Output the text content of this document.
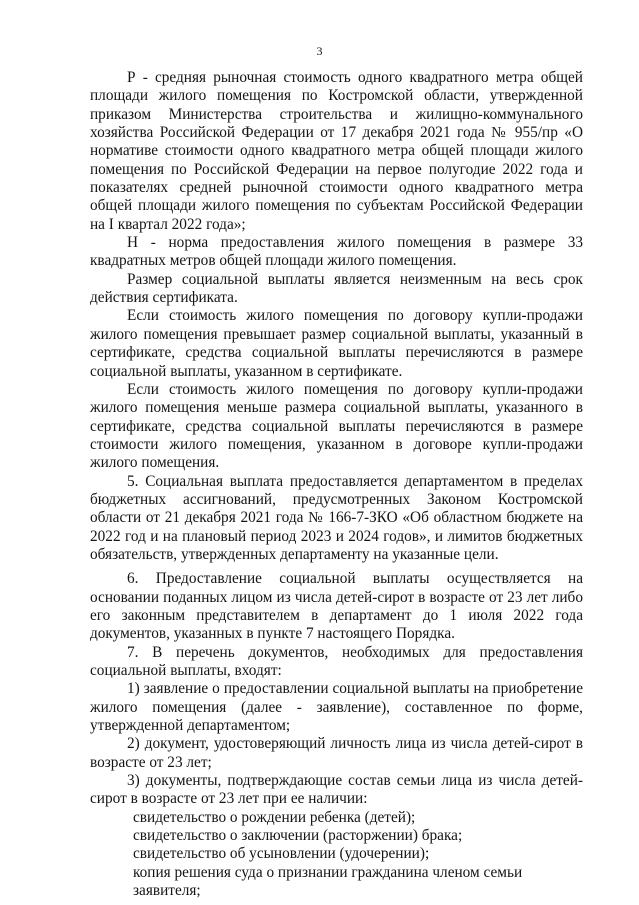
3

Р - средняя рыночная стоимость одного квадратного метра общей площади жилого помещения по Костромской области, утвержденной приказом Министерства строительства и жилищно-коммунального хозяйства Российской Федерации от 17 декабря 2021 года № 955/пр «О нормативе стоимости одного квадратного метра общей площади жилого помещения по Российской Федерации на первое полугодие 2022 года и показателях средней рыночной стоимости одного квадратного метра общей площади жилого помещения по субъектам Российской Федерации на I квартал 2022 года»;

Н - норма предоставления жилого помещения в размере 33 квадратных метров общей площади жилого помещения.

Размер социальной выплаты является неизменным на весь срок действия сертификата.

Если стоимость жилого помещения по договору купли-продажи жилого помещения превышает размер социальной выплаты, указанный в сертификате, средства социальной выплаты перечисляются в размере социальной выплаты, указанном в сертификате.

Если стоимость жилого помещения по договору купли-продажи жилого помещения меньше размера социальной выплаты, указанного в сертификате, средства социальной выплаты перечисляются в размере стоимости жилого помещения, указанном в договоре купли-продажи жилого помещения.

5. Социальная выплата предоставляется департаментом в пределах бюджетных ассигнований, предусмотренных Законом Костромской области от 21 декабря 2021 года № 166-7-ЗКО «Об областном бюджете на 2022 год и на плановый период 2023 и 2024 годов», и лимитов бюджетных обязательств, утвержденных департаменту на указанные цели.

6. Предоставление социальной выплаты осуществляется на основании поданных лицом из числа детей-сирот в возрасте от 23 лет либо его законным представителем в департамент до 1 июля 2022 года документов, указанных в пункте 7 настоящего Порядка.

7. В перечень документов, необходимых для предоставления социальной выплаты, входят:

1) заявление о предоставлении социальной выплаты на приобретение жилого помещения (далее - заявление), составленное по форме, утвержденной департаментом;

2) документ, удостоверяющий личность лица из числа детей-сирот в возрасте от 23 лет;

3) документы, подтверждающие состав семьи лица из числа детей-сирот в возрасте от 23 лет при ее наличии:

свидетельство о рождении ребенка (детей);

свидетельство о заключении (расторжении) брака;

свидетельство об усыновлении (удочерении);

копия решения суда о признании гражданина членом семьи заявителя;
